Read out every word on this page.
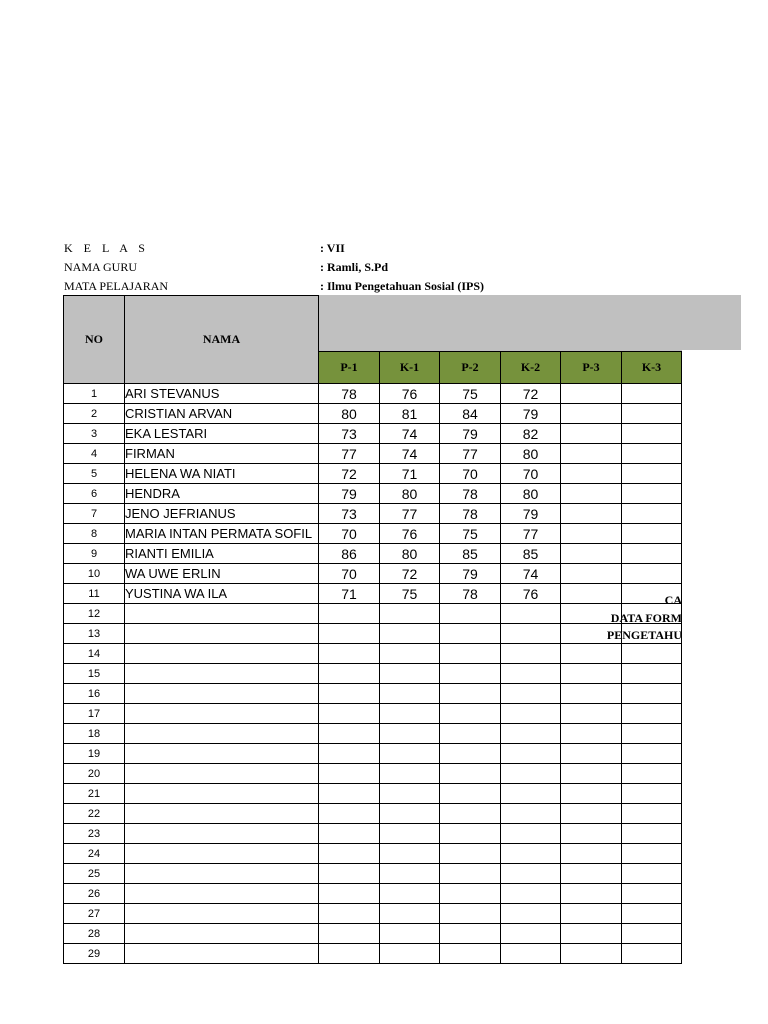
K E L A S	: VII
NAMA GURU	: Ramli, S.Pd
MATA PELAJARAN	: Ilmu Pengetahuan Sosial (IPS)
NO	NAMA						
		P-1	K-1	P-2	K-2	P-3	K-3
1	ARI STEVANUS	78	76	75	72		
2	CRISTIAN ARVAN	80	81	84	79		
3	EKA LESTARI	73	74	79	82		
4	FIRMAN	77	74	77	80		
5	HELENA WA NIATI	72	71	70	70		
6	HENDRA	79	80	78	80		
7	JENO JEFRIANUS	73	77	78	79		
8	MARIA INTAN PERMATA SOFIL	70	76	75	77		
9	RIANTI EMILIA	86	80	85	85		
10	WA UWE ERLIN	70	72	79	74		
11	YUSTINA WA ILA	71	75	78	76		
12							
13							
14							
15							
16							
17							
18							
19							
20							
21							
22							
23							
24							
25							
26							
27							
28							
29							
CA
DATA FORM
PENGETAHU
